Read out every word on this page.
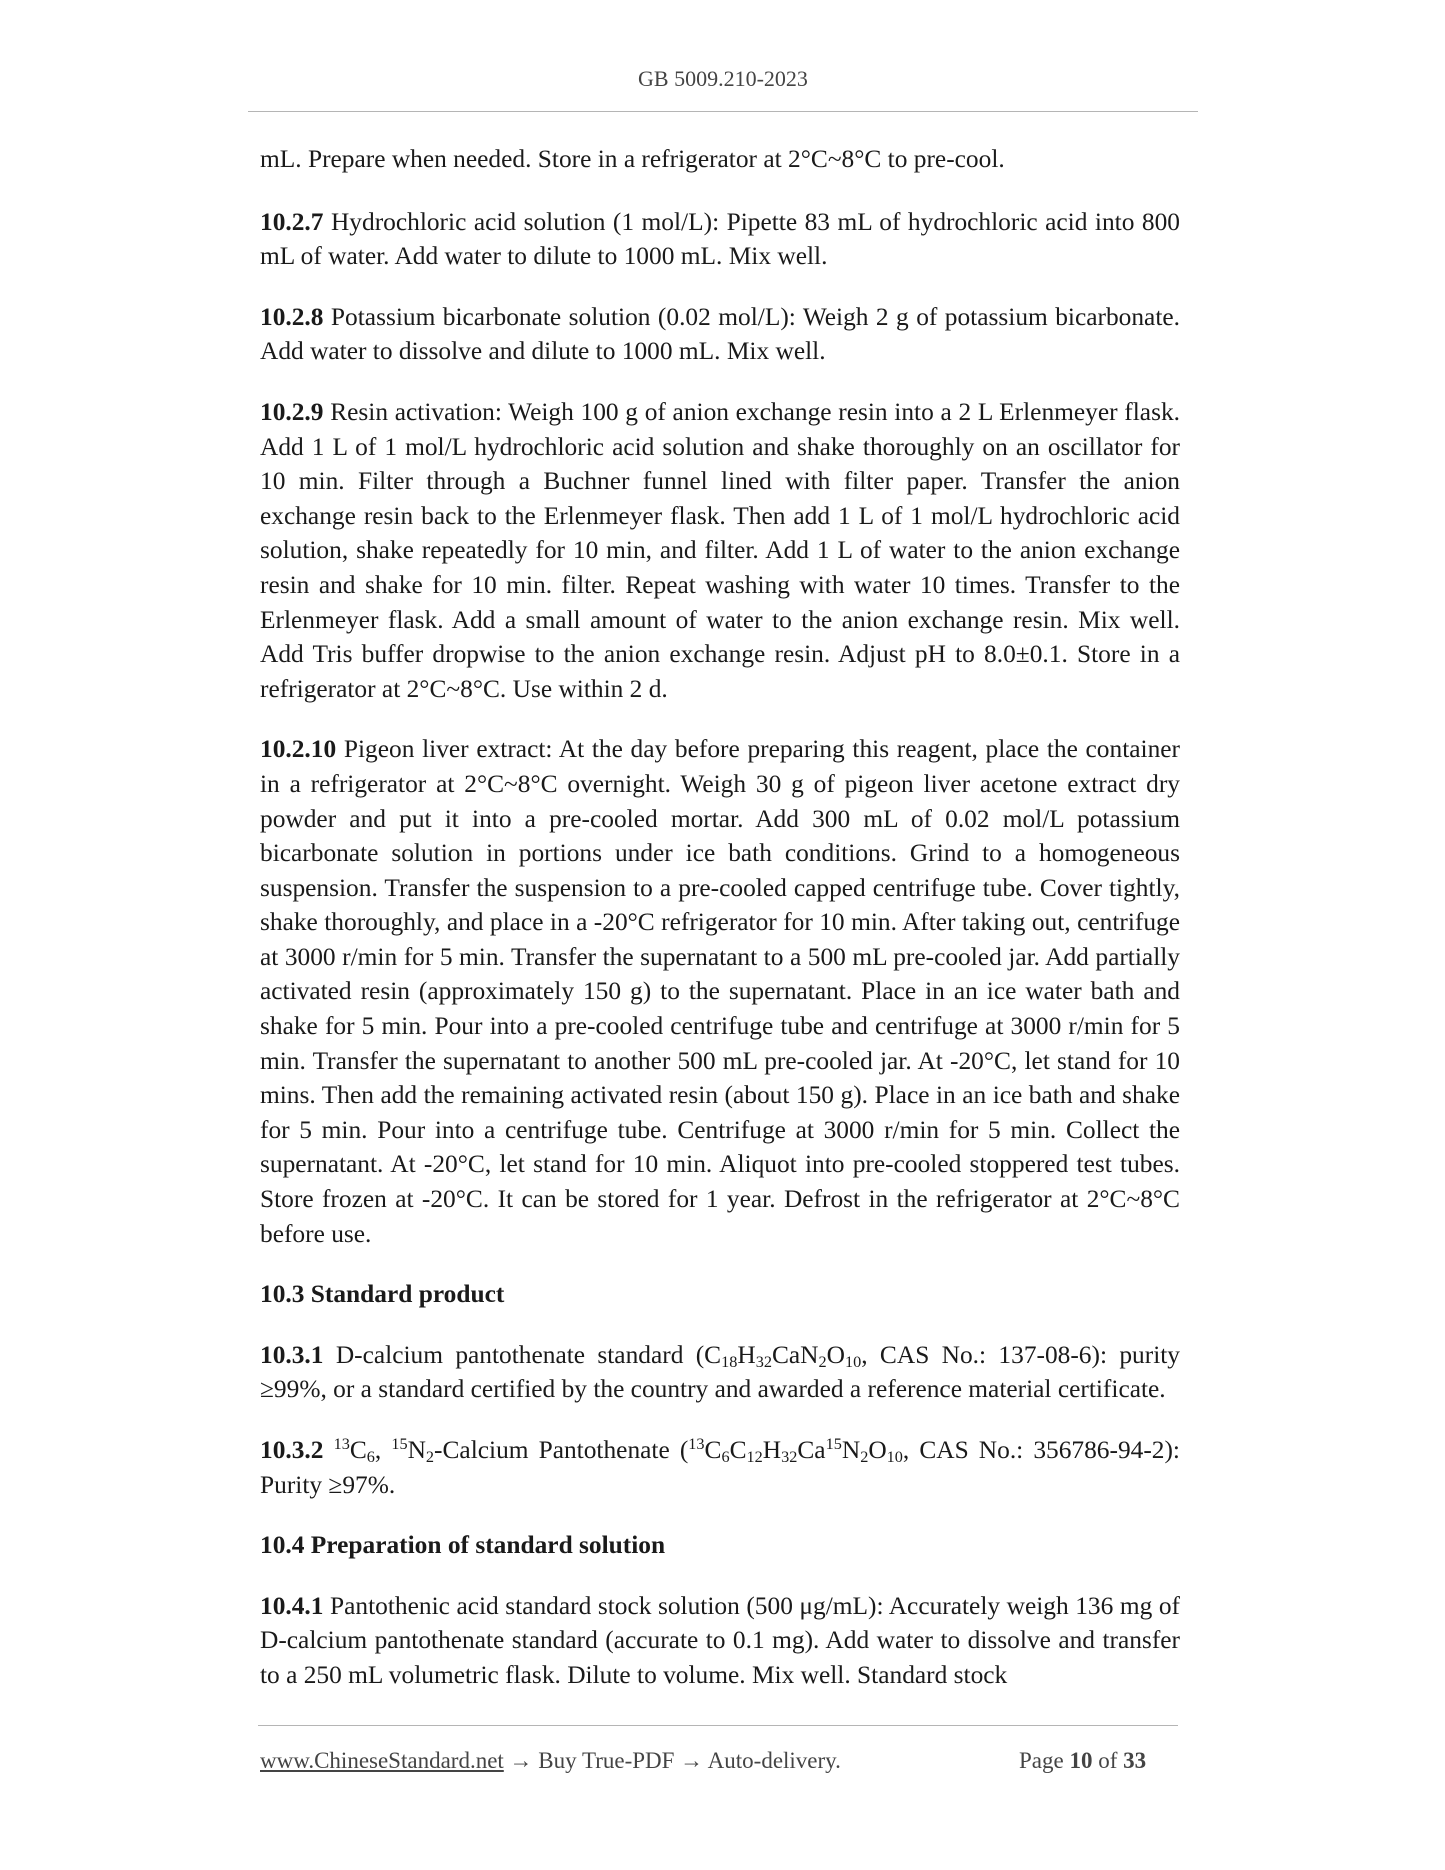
GB 5009.210-2023

mL. Prepare when needed. Store in a refrigerator at 2°C~8°C to pre-cool.

10.2.7 Hydrochloric acid solution (1 mol/L): Pipette 83 mL of hydrochloric acid into 800 mL of water. Add water to dilute to 1000 mL. Mix well.

10.2.8 Potassium bicarbonate solution (0.02 mol/L): Weigh 2 g of potassium bicarbonate. Add water to dissolve and dilute to 1000 mL. Mix well.

10.2.9 Resin activation: Weigh 100 g of anion exchange resin into a 2 L Erlenmeyer flask. Add 1 L of 1 mol/L hydrochloric acid solution and shake thoroughly on an oscillator for 10 min. Filter through a Buchner funnel lined with filter paper. Transfer the anion exchange resin back to the Erlenmeyer flask. Then add 1 L of 1 mol/L hydrochloric acid solution, shake repeatedly for 10 min, and filter. Add 1 L of water to the anion exchange resin and shake for 10 min. filter. Repeat washing with water 10 times. Transfer to the Erlenmeyer flask. Add a small amount of water to the anion exchange resin. Mix well. Add Tris buffer dropwise to the anion exchange resin. Adjust pH to 8.0±0.1. Store in a refrigerator at 2°C~8°C. Use within 2 d.

10.2.10 Pigeon liver extract: At the day before preparing this reagent, place the container in a refrigerator at 2°C~8°C overnight. Weigh 30 g of pigeon liver acetone extract dry powder and put it into a pre-cooled mortar. Add 300 mL of 0.02 mol/L potassium bicarbonate solution in portions under ice bath conditions. Grind to a homogeneous suspension. Transfer the suspension to a pre-cooled capped centrifuge tube. Cover tightly, shake thoroughly, and place in a -20°C refrigerator for 10 min. After taking out, centrifuge at 3000 r/min for 5 min. Transfer the supernatant to a 500 mL pre-cooled jar. Add partially activated resin (approximately 150 g) to the supernatant. Place in an ice water bath and shake for 5 min. Pour into a pre-cooled centrifuge tube and centrifuge at 3000 r/min for 5 min. Transfer the supernatant to another 500 mL pre-cooled jar. At -20°C, let stand for 10 mins. Then add the remaining activated resin (about 150 g). Place in an ice bath and shake for 5 min. Pour into a centrifuge tube. Centrifuge at 3000 r/min for 5 min. Collect the supernatant. At -20°C, let stand for 10 min. Aliquot into pre-cooled stoppered test tubes. Store frozen at -20°C. It can be stored for 1 year. Defrost in the refrigerator at 2°C~8°C before use.

10.3 Standard product

10.3.1 D-calcium pantothenate standard ($C_{18}H_{32}CaN_2O_{10}$, CAS No.: 137-08-6): purity ≥99%, or a standard certified by the country and awarded a reference material certificate.

10.3.2 $^{13}C_6$, $^{15}N_2$-Calcium Pantothenate ($^{13}C_6C_{12}H_{32}Ca^{15}N_2O_{10}$, CAS No.: 356786-94-2): Purity ≥97%.

10.4 Preparation of standard solution

10.4.1 Pantothenic acid standard stock solution (500 μg/mL): Accurately weigh 136 mg of D-calcium pantothenate standard (accurate to 0.1 mg). Add water to dissolve and transfer to a 250 mL volumetric flask. Dilute to volume. Mix well. Standard stock

www.ChineseStandard.net → Buy True-PDF → Auto-delivery.	Page 10 of 33
